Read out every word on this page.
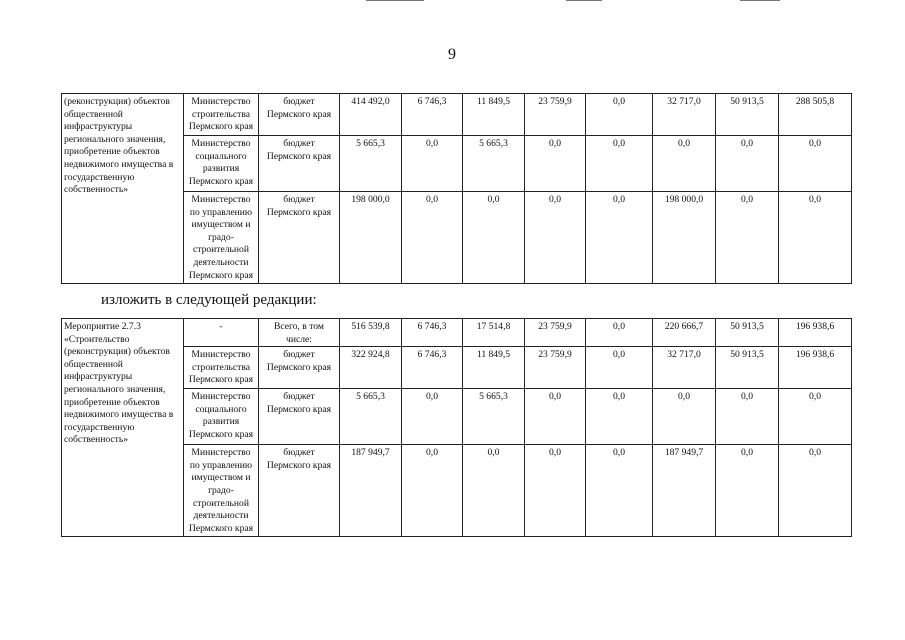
9
(реконструкция) объектов общественной инфраструктуры регионального значения, приобретение объектов недвижимого имущества в государственную собственность»	Министерство строительства Пермского края	бюджет Пермского края	414 492,0	6 746,3	11 849,5	23 759,9	0,0	32 717,0	50 913,5	288 505,8
	Министерство социального развития Пермского края	бюджет Пермского края	5 665,3	0,0	5 665,3	0,0	0,0	0,0	0,0	0,0
	Министерство по управлению имуществом и градо-строительной деятельности Пермского края	бюджет Пермского края	198 000,0	0,0	0,0	0,0	0,0	198 000,0	0,0	0,0
изложить в следующей редакции:
Мероприятие 2.7.3 «Строительство (реконструкция) объектов общественной инфраструктуры регионального значения, приобретение объектов недвижимого имущества в государственную собственность»	-	Всего, в том числе:	516 539,8	6 746,3	17 514,8	23 759,9	0,0	220 666,7	50 913,5	196 938,6
	Министерство строительства Пермского края	бюджет Пермского края	322 924,8	6 746,3	11 849,5	23 759,9	0,0	32 717,0	50 913,5	196 938,6
	Министерство социального развития Пермского края	бюджет Пермского края	5 665,3	0,0	5 665,3	0,0	0,0	0,0	0,0	0,0
	Министерство по управлению имуществом и градо-строительной деятельности Пермского края	бюджет Пермского края	187 949,7	0,0	0,0	0,0	0,0	187 949,7	0,0	0,0
